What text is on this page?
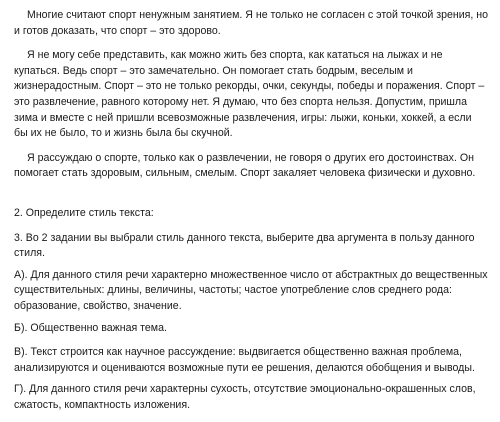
Многие считают спорт ненужным занятием. Я не только не согласен с этой точкой зрения, но и готов доказать, что спорт – это здорово.

Я не могу себе представить, как можно жить без спорта, как кататься на лыжах и не купаться. Ведь спорт – это замечательно. Он помогает стать бодрым, веселым и жизнерадостным. Спорт – это не только рекорды, очки, секунды, победы и поражения. Спорт – это развлечение, равного которому нет. Я думаю, что без спорта нельзя. Допустим, пришла зима и вместе с ней пришли всевозможные развлечения, игры: лыжи, коньки, хоккей, а если бы их не было, то и жизнь была бы скучной.

Я рассуждаю о спорте, только как о развлечении, не говоря о других его достоинствах. Он помогает стать здоровым, сильным, смелым. Спорт закаляет человека физически и духовно.

2. Определите стиль текста:

3. Во 2 задании вы выбрали стиль данного текста, выберите два аргумента в пользу данного стиля.

А). Для данного стиля речи характерно множественное число от абстрактных до вещественных существительных: длины, величины, частоты; частое употребление слов среднего рода: образование, свойство, значение.

Б). Общественно важная тема.

В). Текст строится как научное рассуждение: выдвигается общественно важная проблема, анализируются и оцениваются возможные пути ее решения, делаются обобщения и выводы.

Г). Для данного стиля речи характерны сухость, отсутствие эмоционально-окрашенных слов, сжатость, компактность изложения.
